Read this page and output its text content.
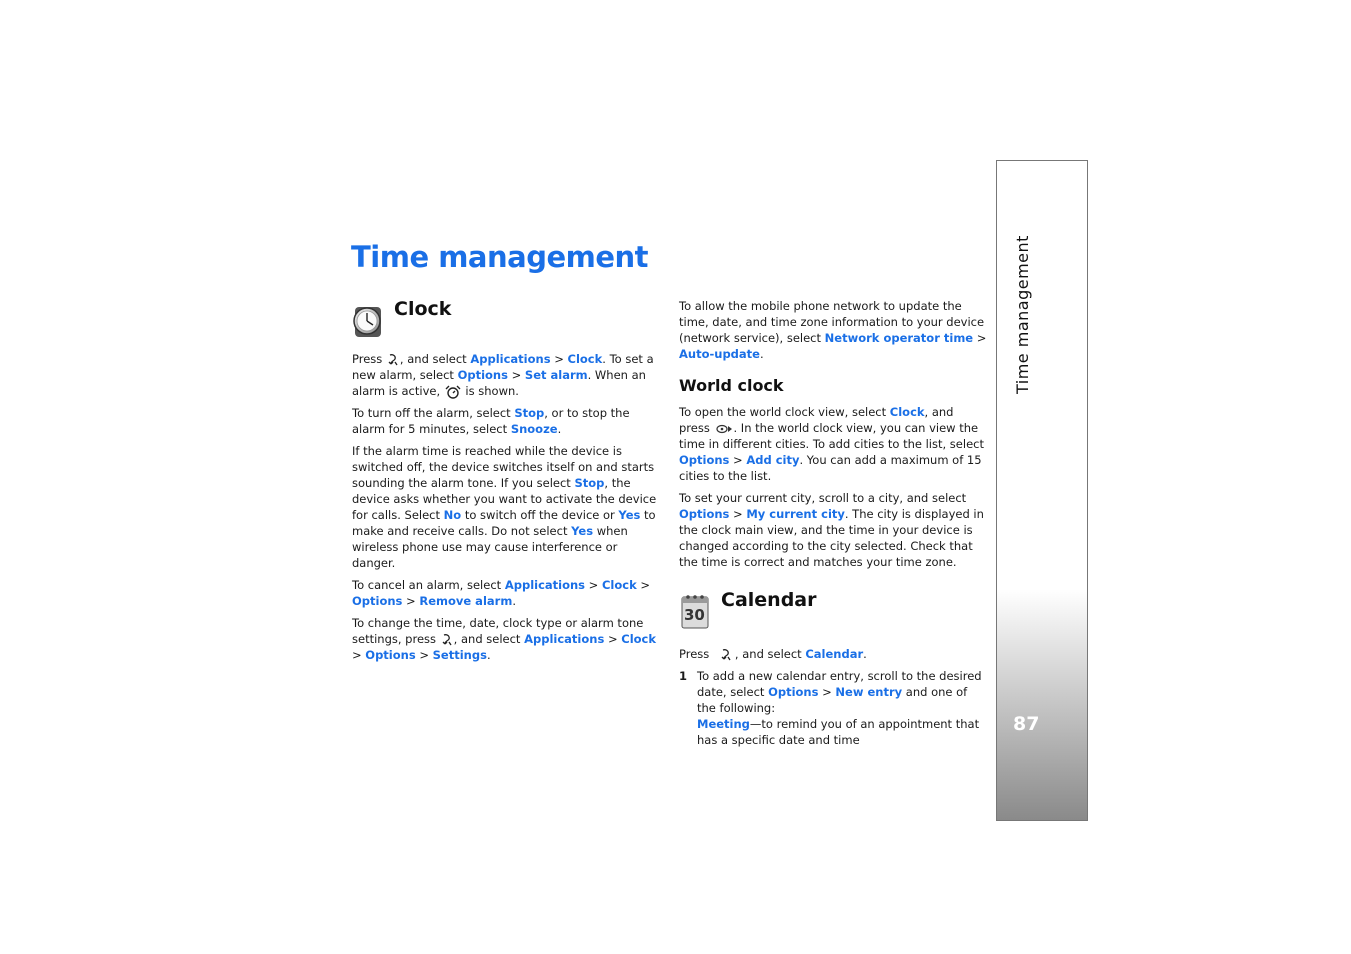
Time management
Clock

Press , and select Applications > Clock. To set a new alarm, select Options > Set alarm. When an alarm is active,  is shown.

To turn off the alarm, select Stop, or to stop the alarm for 5 minutes, select Snooze.

If the alarm time is reached while the device is switched off, the device switches itself on and starts sounding the alarm tone. If you select Stop, the device asks whether you want to activate the device for calls. Select No to switch off the device or Yes to make and receive calls. Do not select Yes when wireless phone use may cause interference or danger.

To cancel an alarm, select Applications > Clock > Options > Remove alarm.

To change the time, date, clock type or alarm tone settings, press , and select Applications > Clock > Options > Settings.

To allow the mobile phone network to update the time, date, and time zone information to your device (network service), select Network operator time > Auto-update.

World clock

To open the world clock view, select Clock, and press . In the world clock view, you can view the time in different cities. To add cities to the list, select Options > Add city. You can add a maximum of 15 cities to the list.

To set your current city, scroll to a city, and select Options > My current city. The city is displayed in the clock main view, and the time in your device is changed according to the city selected. Check that the time is correct and matches your time zone.

30
Calendar

Press , and select Calendar.

1 To add a new calendar entry, scroll to the desired date, select Options > New entry and one of the following:
Meeting—to remind you of an appointment that has a specific date and time
Time management
87
